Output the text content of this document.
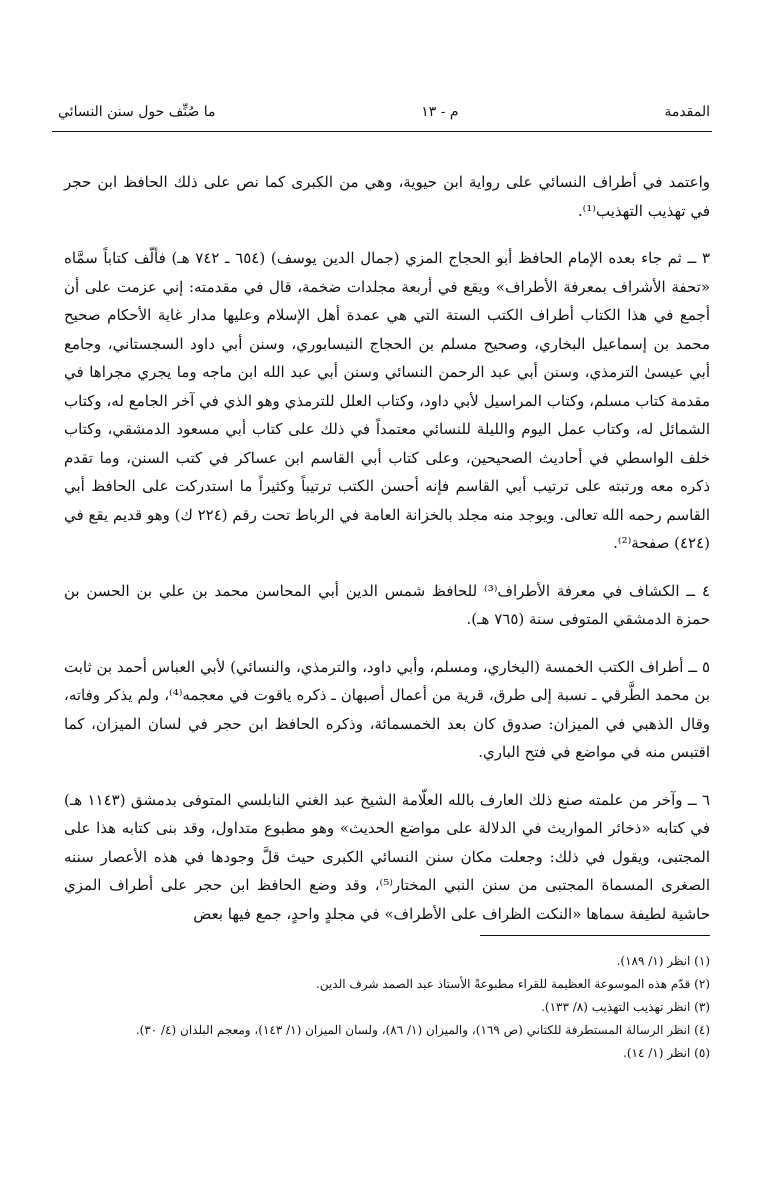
المقدمة
م - ١٣
ما صُنِّف حول سنن النسائي

واعتمد في أطراف النسائي على رواية ابن حيوية، وهي من الكبرى كما نص على ذلك الحافظ ابن حجر في تهذيب التهذيب⁽¹⁾.

٣ ــ ثم جاء بعده الإمام الحافظ أبو الحجاج المزي (جمال الدين يوسف) (٦٥٤ ـ ٧٤٢ هـ) فألّف كتاباً سمَّاه «تحفة الأشراف بمعرفة الأطراف» ويقع في أربعة مجلدات ضخمة، قال في مقدمته: إني عزمت على أن أجمع في هذا الكتاب أطراف الكتب الستة التي هي عمدة أهل الإسلام وعليها مدار غاية الأحكام صحيح محمد بن إسماعيل البخاري، وصحيح مسلم بن الحجاج النيسابوري، وسنن أبي داود السجستاني، وجامع أبي عيسىٰ الترمذي، وسنن أبي عبد الرحمن النسائي وسنن أبي عبد الله ابن ماجه وما يجري مجراها في مقدمة كتاب مسلم، وكتاب المراسيل لأبي داود، وكتاب العلل للترمذي وهو الذي في آخر الجامع له، وكتاب الشمائل له، وكتاب عمل اليوم والليلة للنسائي معتمداً في ذلك على كتاب أبي مسعود الدمشقي، وكتاب خلف الواسطي في أحاديث الصحيحين، وعلى كتاب أبي القاسم ابن عساكر في كتب السنن، وما تقدم ذكره معه ورتبته على ترتيب أبي القاسم فإنه أحسن الكتب ترتيباً وكثيراً ما استدركت على الحافظ أبي القاسم رحمه الله تعالى. ويوجد منه مجلد بالخزانة العامة في الرباط تحت رقم (٢٢٤ ك) وهو قديم يقع في (٤٢٤) صفحة⁽²⁾.

٤ ــ الكشاف في معرفة الأطراف⁽³⁾ للحافظ شمس الدين أبي المحاسن محمد بن علي بن الحسن بن حمزة الدمشقي المتوفى سنة (٧٦٥ هـ).

٥ ــ أطراف الكتب الخمسة (البخاري، ومسلم، وأبي داود، والترمذي، والنسائي) لأبي العباس أحمد بن ثابت بن محمد الطَّرقي ـ نسبة إلى طرق، قرية من أعمال أصبهان ـ ذكره ياقوت في معجمه⁽⁴⁾، ولم يذكر وفاته، وقال الذهبي في الميزان: صدوق كان بعد الخمسمائة، وذكره الحافظ ابن حجر في لسان الميزان، كما اقتبس منه في مواضع في فتح الباري.

٦ ــ وآخر من علمته صنع ذلك العارف بالله العلّامة الشيخ عبد الغني النابلسي المتوفى بدمشق (١١٤٣ هـ) في كتابه «ذخائر المواريث في الدلالة على مواضع الحديث» وهو مطبوع متداول، وقد بنى كتابه هذا على المجتبى، ويقول في ذلك: وجعلت مكان سنن النسائي الكبرى حيث قلَّ وجودها في هذه الأعصار سننه الصغرى المسماة المجتبى من سنن النبي المختار⁽⁵⁾، وقد وضع الحافظ ابن حجر على أطراف المزي حاشية لطيفة سماها «النكت الظراف على الأطراف» في مجلدٍ واحدٍ، جمع فيها بعض

(١) انظر (١/ ١٨٩).
(٢) قدّم هذه الموسوعة العظيمة للقراء مطبوعةً الأستاذ عبد الصمد شرف الدين.
(٣) انظر تهذيب التهذيب (٨/ ١٣٣).
(٤) انظر الرسالة المستطرفة للكتاني (ص ١٦٩)، والميزان (١/ ٨٦)، ولسان الميزان (١/ ١٤٣)، ومعجم البلدان (٤/ ٣٠).
(٥) انظر (١/ ١٤).
